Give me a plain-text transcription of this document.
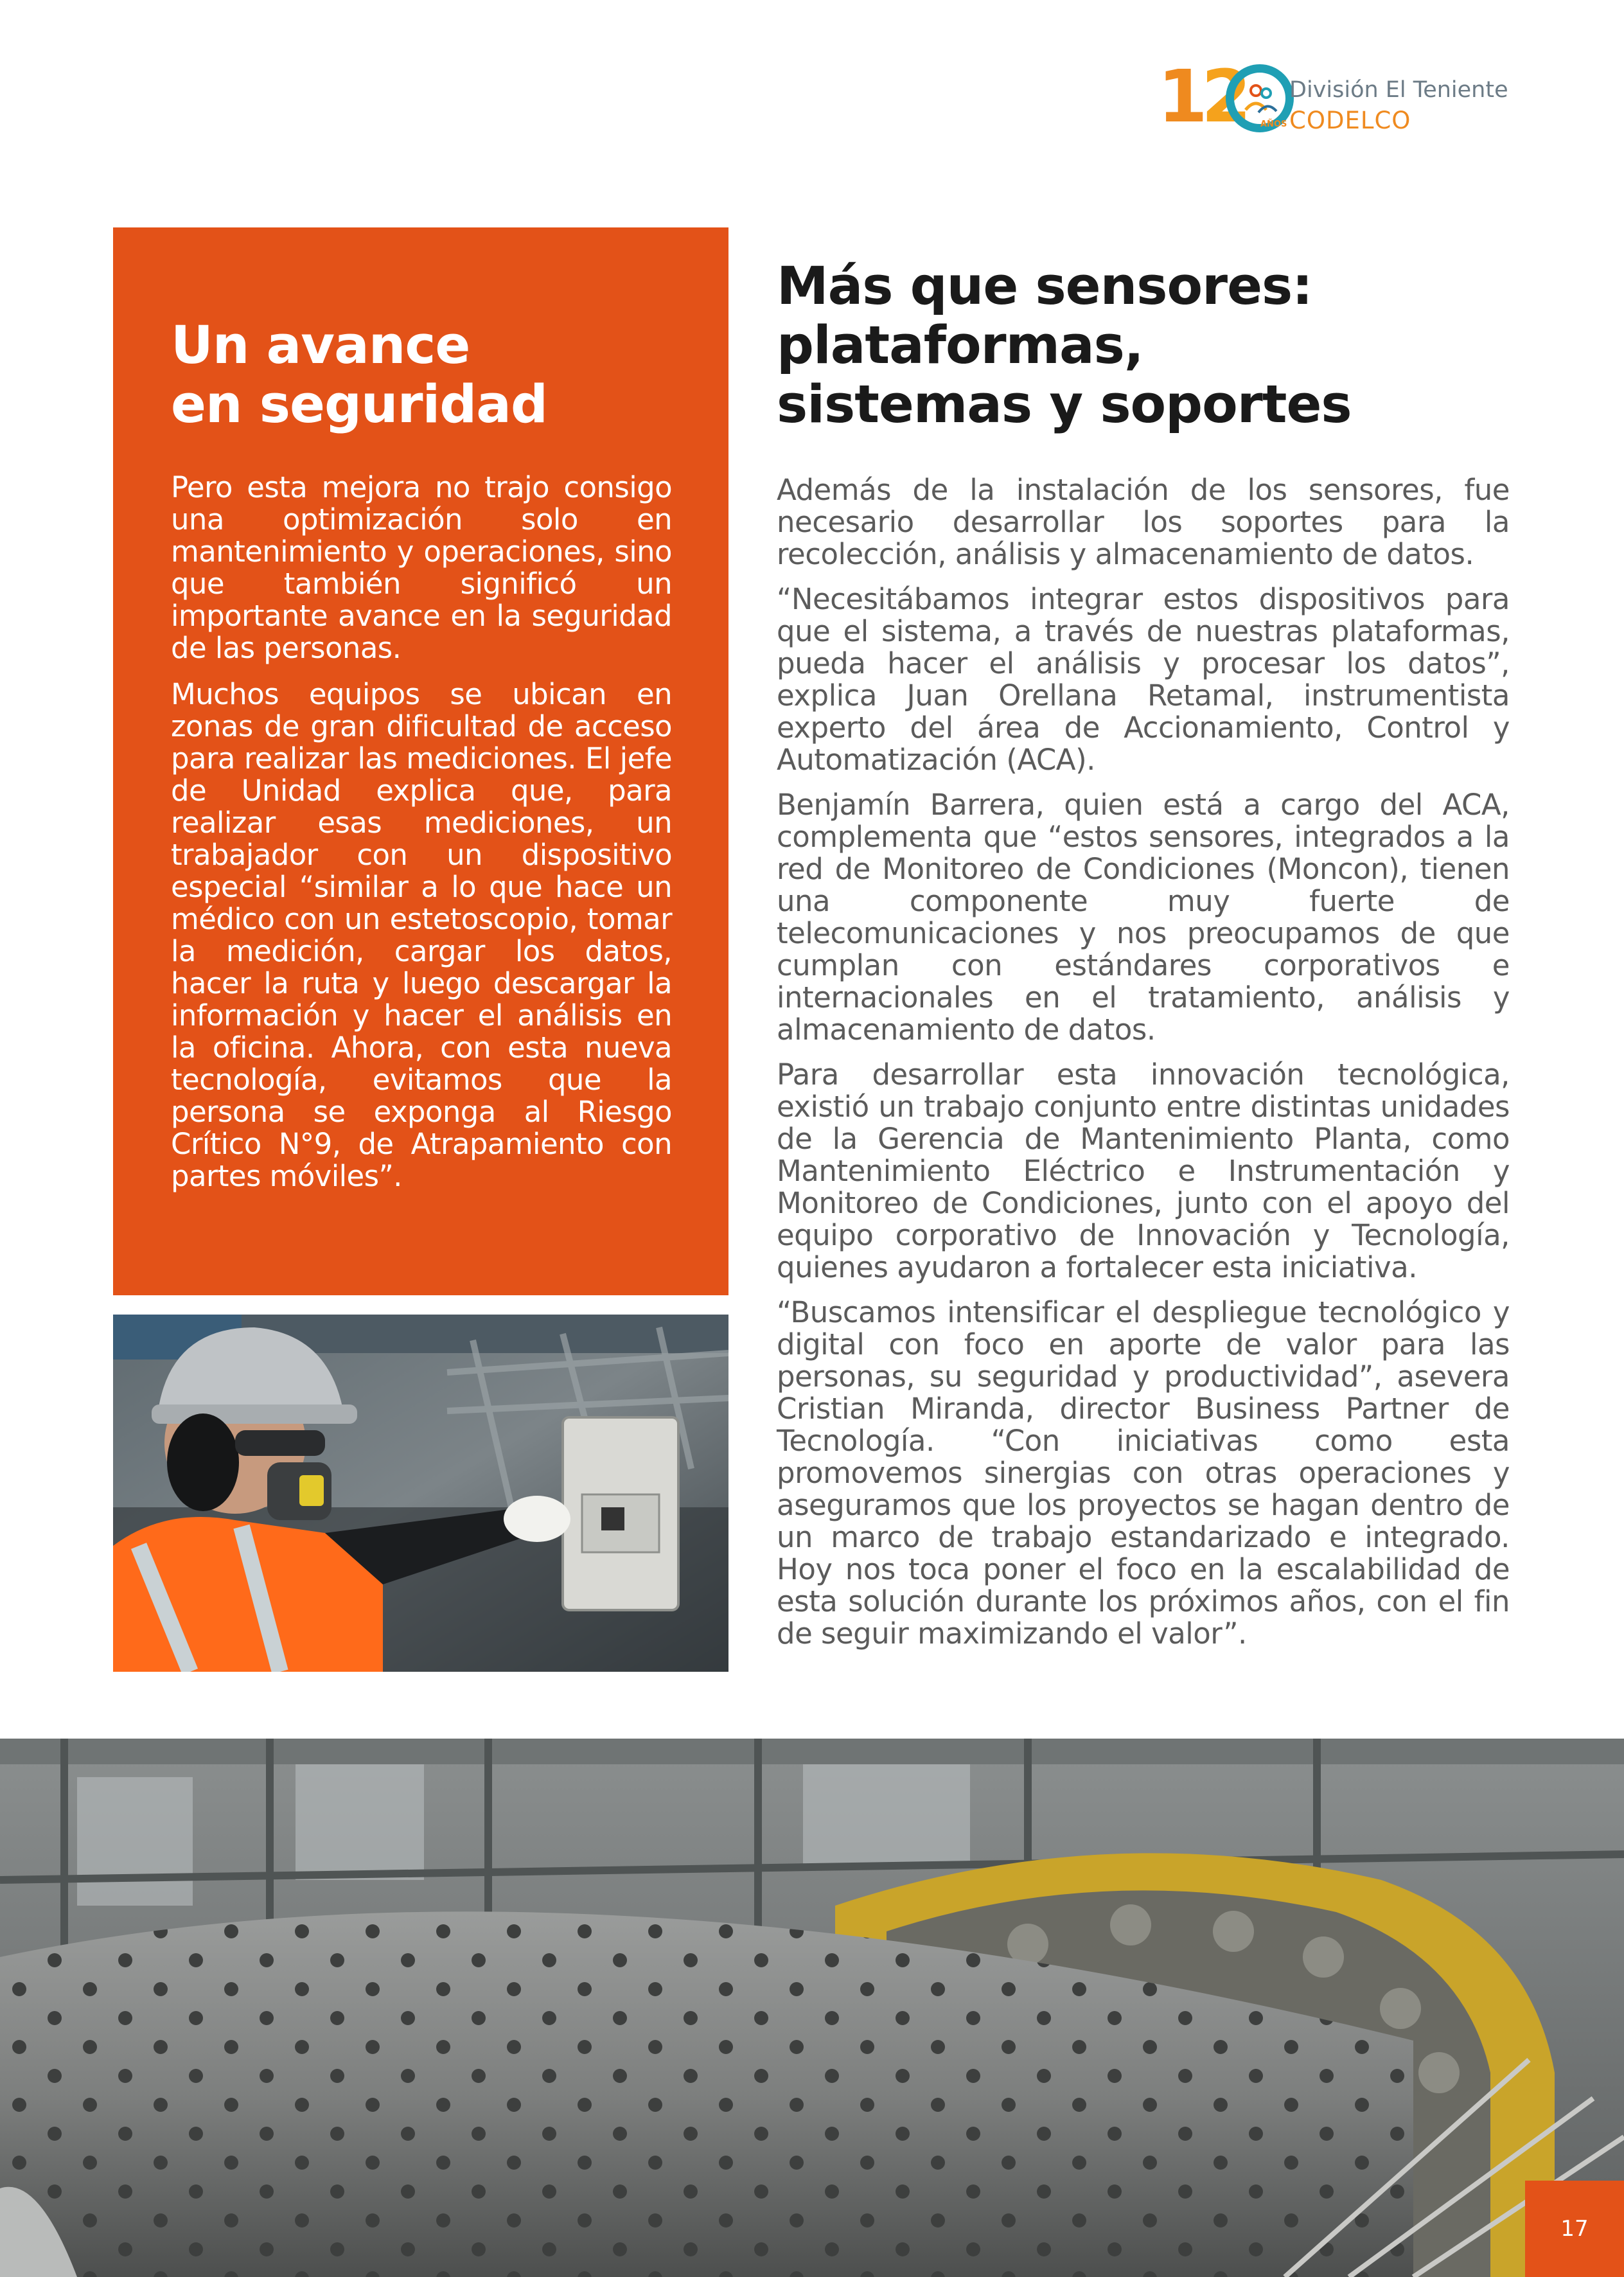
12	AÑOS
División El Teniente
CODELCO
Un avance
en seguridad

Pero esta mejora no trajo consigo una optimización solo en mantenimiento y operaciones, sino que también significó un importante avance en la seguridad de las personas.

Muchos equipos se ubican en zonas de gran dificultad de acceso para realizar las mediciones. El jefe de Unidad explica que, para realizar esas mediciones, un trabajador con un dispositivo especial “similar a lo que hace un médico con un estetoscopio, tomar la medición, cargar los datos, hacer la ruta y luego descargar la información y hacer el análisis en la oficina. Ahora, con esta nueva tecnología, evitamos que la persona se exponga al Riesgo Crítico N°9, de Atrapamiento con partes móviles”.

Más que sensores:
plataformas,
sistemas y soportes

Además de la instalación de los sensores, fue necesario desarrollar los soportes para la recolección, análisis y almacenamiento de datos.

“Necesitábamos integrar estos dispositivos para que el sistema, a través de nuestras plataformas, pueda hacer el análisis y procesar los datos”, explica Juan Orellana Retamal, instrumentista experto del área de Accionamiento, Control y Automatización (ACA).

Benjamín Barrera, quien está a cargo del ACA, complementa que “estos sensores, integrados a la red de Monitoreo de Condiciones (Moncon), tienen una componente muy fuerte de telecomunicaciones y nos preocupamos de que cumplan con estándares corporativos e internacionales en el tratamiento, análisis y almacenamiento de datos.

Para desarrollar esta innovación tecnológica, existió un trabajo conjunto entre distintas unidades de la Gerencia de Mantenimiento Planta, como Mantenimiento Eléctrico e Instrumentación y Monitoreo de Condiciones, junto con el apoyo del equipo corporativo de Innovación y Tecnología, quienes ayudaron a fortalecer esta iniciativa.

“Buscamos intensificar el despliegue tecnológico y digital con foco en aporte de valor para las personas, su seguridad y productividad”, asevera Cristian Miranda, director Business Partner de Tecnología. “Con iniciativas como esta promovemos sinergias con otras operaciones y aseguramos que los proyectos se hagan dentro de un marco de trabajo estandarizado e integrado. Hoy nos toca poner el foco en la escalabilidad de esta solución durante los próximos años, con el fin de seguir maximizando el valor”.

17
